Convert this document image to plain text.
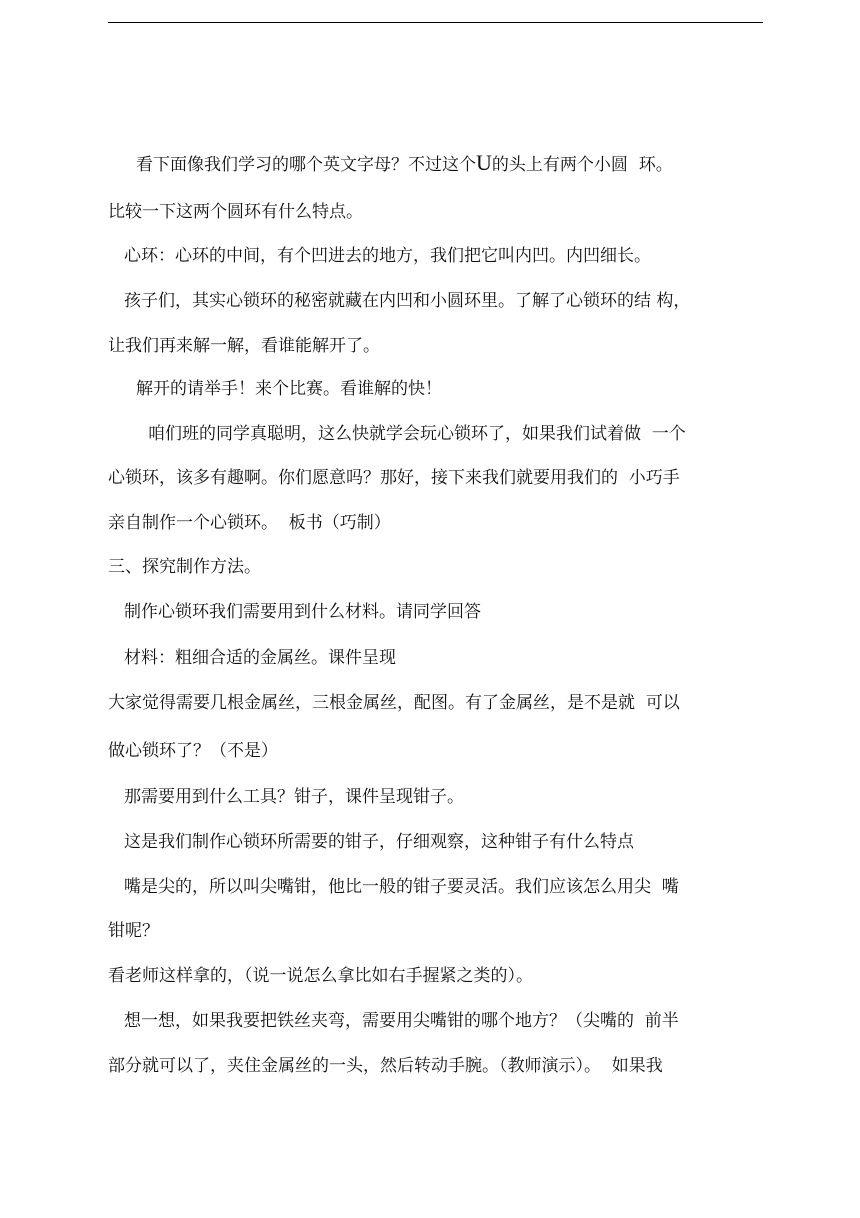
看下面像我们学习的哪个英文字母？不过这个U的头上有两个小圆  环。
比较一下这两个圆环有什么特点。
心环：心环的中间，有个凹进去的地方，我们把它叫内凹。内凹细长。
孩子们，其实心锁环的秘密就藏在内凹和小圆环里。了解了心锁环的结 构，
让我们再来解一解，看谁能解开了。
解开的请举手！来个比赛。看谁解的快！
咱们班的同学真聪明，这么快就学会玩心锁环了，如果我们试着做  一个
心锁环，该多有趣啊。你们愿意吗？那好，接下来我们就要用我们的  小巧手
亲自制作一个心锁环。  板书（巧制）
三、探究制作方法。
制作心锁环我们需要用到什么材料。请同学回答
材料：粗细合适的金属丝。课件呈现
大家觉得需要几根金属丝，三根金属丝，配图。有了金属丝，是不是就  可以
做心锁环了？（不是）
那需要用到什么工具？钳子，课件呈现钳子。
这是我们制作心锁环所需要的钳子，仔细观察，这种钳子有什么特点
嘴是尖的，所以叫尖嘴钳，他比一般的钳子要灵活。我们应该怎么用尖  嘴
钳呢？
看老师这样拿的，（说一说怎么拿比如右手握紧之类的）。
想一想，如果我要把铁丝夹弯，需要用尖嘴钳的哪个地方？（尖嘴的  前半
部分就可以了，夹住金属丝的一头，然后转动手腕。（教师演示）。  如果我
